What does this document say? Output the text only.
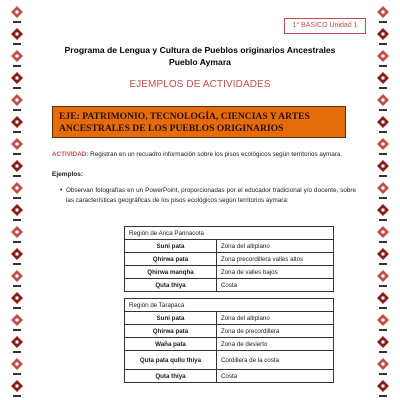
1° BÁSICO Unidad 1
Programa de Lengua y Cultura de Pueblos originarios Ancestrales
Pueblo Aymara
EJEMPLOS DE ACTIVIDADES
EJE: PATRIMONIO, TECNOLOGÍA, CIENCIAS Y ARTES ANCESTRALES DE LOS PUEBLOS ORIGINARIOS
ACTIVIDAD: Registran en un recuadro información sobre los pisos ecológicos según territorios aymara.
Ejemplos:
• Observan fotografías en un PowerPoint, proporcionadas por el educador tradicional y/o docente, sobre las características geográficas de los pisos ecológicos según territorios aymara:
Región de Arica Parinacota	
Suni pata	Zona del altiplano
Qhirwa pata	Zona precordillera valles altos
Qhirwa manqha	Zona de valles bajos
Quta thiya	Costa
Región de Tarapacá	
Suni pata	Zona del altiplano
Qhirwa pata	Zona de precordillera
Waña pata	Zona de desierto
Quta pata qullu thiya	Cordillera de la costa
Quta thiya	Costa
